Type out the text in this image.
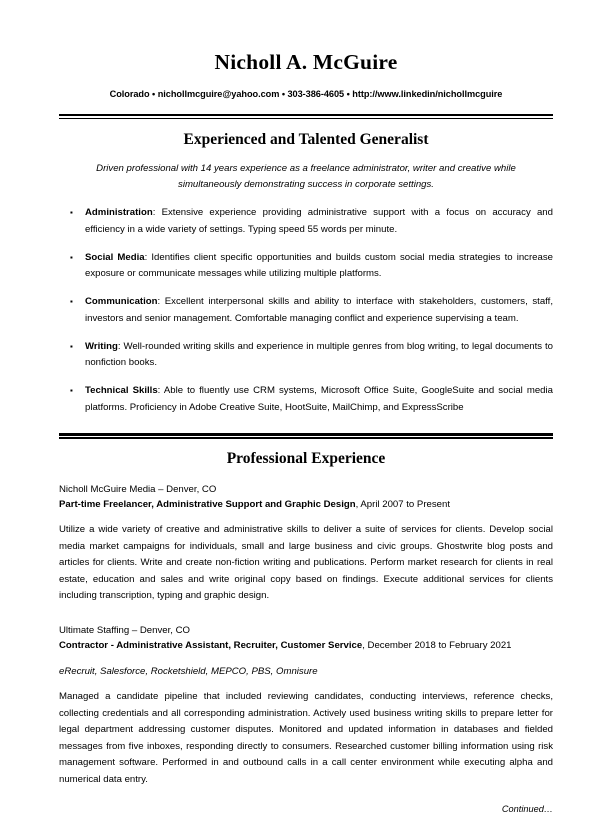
Nicholl A. McGuire
Colorado • nichollmcguire@yahoo.com • 303-386-4605 • http://www.linkedin/nichollmcguire
Experienced and Talented Generalist
Driven professional with 14 years experience as a freelance administrator, writer and creative while simultaneously demonstrating success in corporate settings.
▪ Administration: Extensive experience providing administrative support with a focus on accuracy and efficiency in a wide variety of settings. Typing speed 55 words per minute.
▪ Social Media: Identifies client specific opportunities and builds custom social media strategies to increase exposure or communicate messages while utilizing multiple platforms.
▪ Communication: Excellent interpersonal skills and ability to interface with stakeholders, customers, staff, investors and senior management. Comfortable managing conflict and experience supervising a team.
▪ Writing: Well-rounded writing skills and experience in multiple genres from blog writing, to legal documents to nonfiction books.
▪ Technical Skills: Able to fluently use CRM systems, Microsoft Office Suite, GoogleSuite and social media platforms. Proficiency in Adobe Creative Suite, HootSuite, MailChimp, and ExpressScribe
Professional Experience
Nicholl McGuire Media – Denver, CO
Part-time Freelancer, Administrative Support and Graphic Design, April 2007 to Present
Utilize a wide variety of creative and administrative skills to deliver a suite of services for clients. Develop social media market campaigns for individuals, small and large business and civic groups. Ghostwrite blog posts and articles for clients. Write and create non-fiction writing and publications. Perform market research for clients in real estate, education and sales and write original copy based on findings. Execute additional services for clients including transcription, typing and graphic design.
Ultimate Staffing – Denver, CO
Contractor - Administrative Assistant, Recruiter, Customer Service, December 2018 to February 2021
eRecruit, Salesforce, Rocketshield, MEPCO, PBS, Omnisure
Managed a candidate pipeline that included reviewing candidates, conducting interviews, reference checks, collecting credentials and all corresponding administration. Actively used business writing skills to prepare letter for legal department addressing customer disputes. Monitored and updated information in databases and fielded messages from five inboxes, responding directly to consumers. Researched customer billing information using risk management software. Performed in and outbound calls in a call center environment while executing alpha and numerical data entry.
Continued…
